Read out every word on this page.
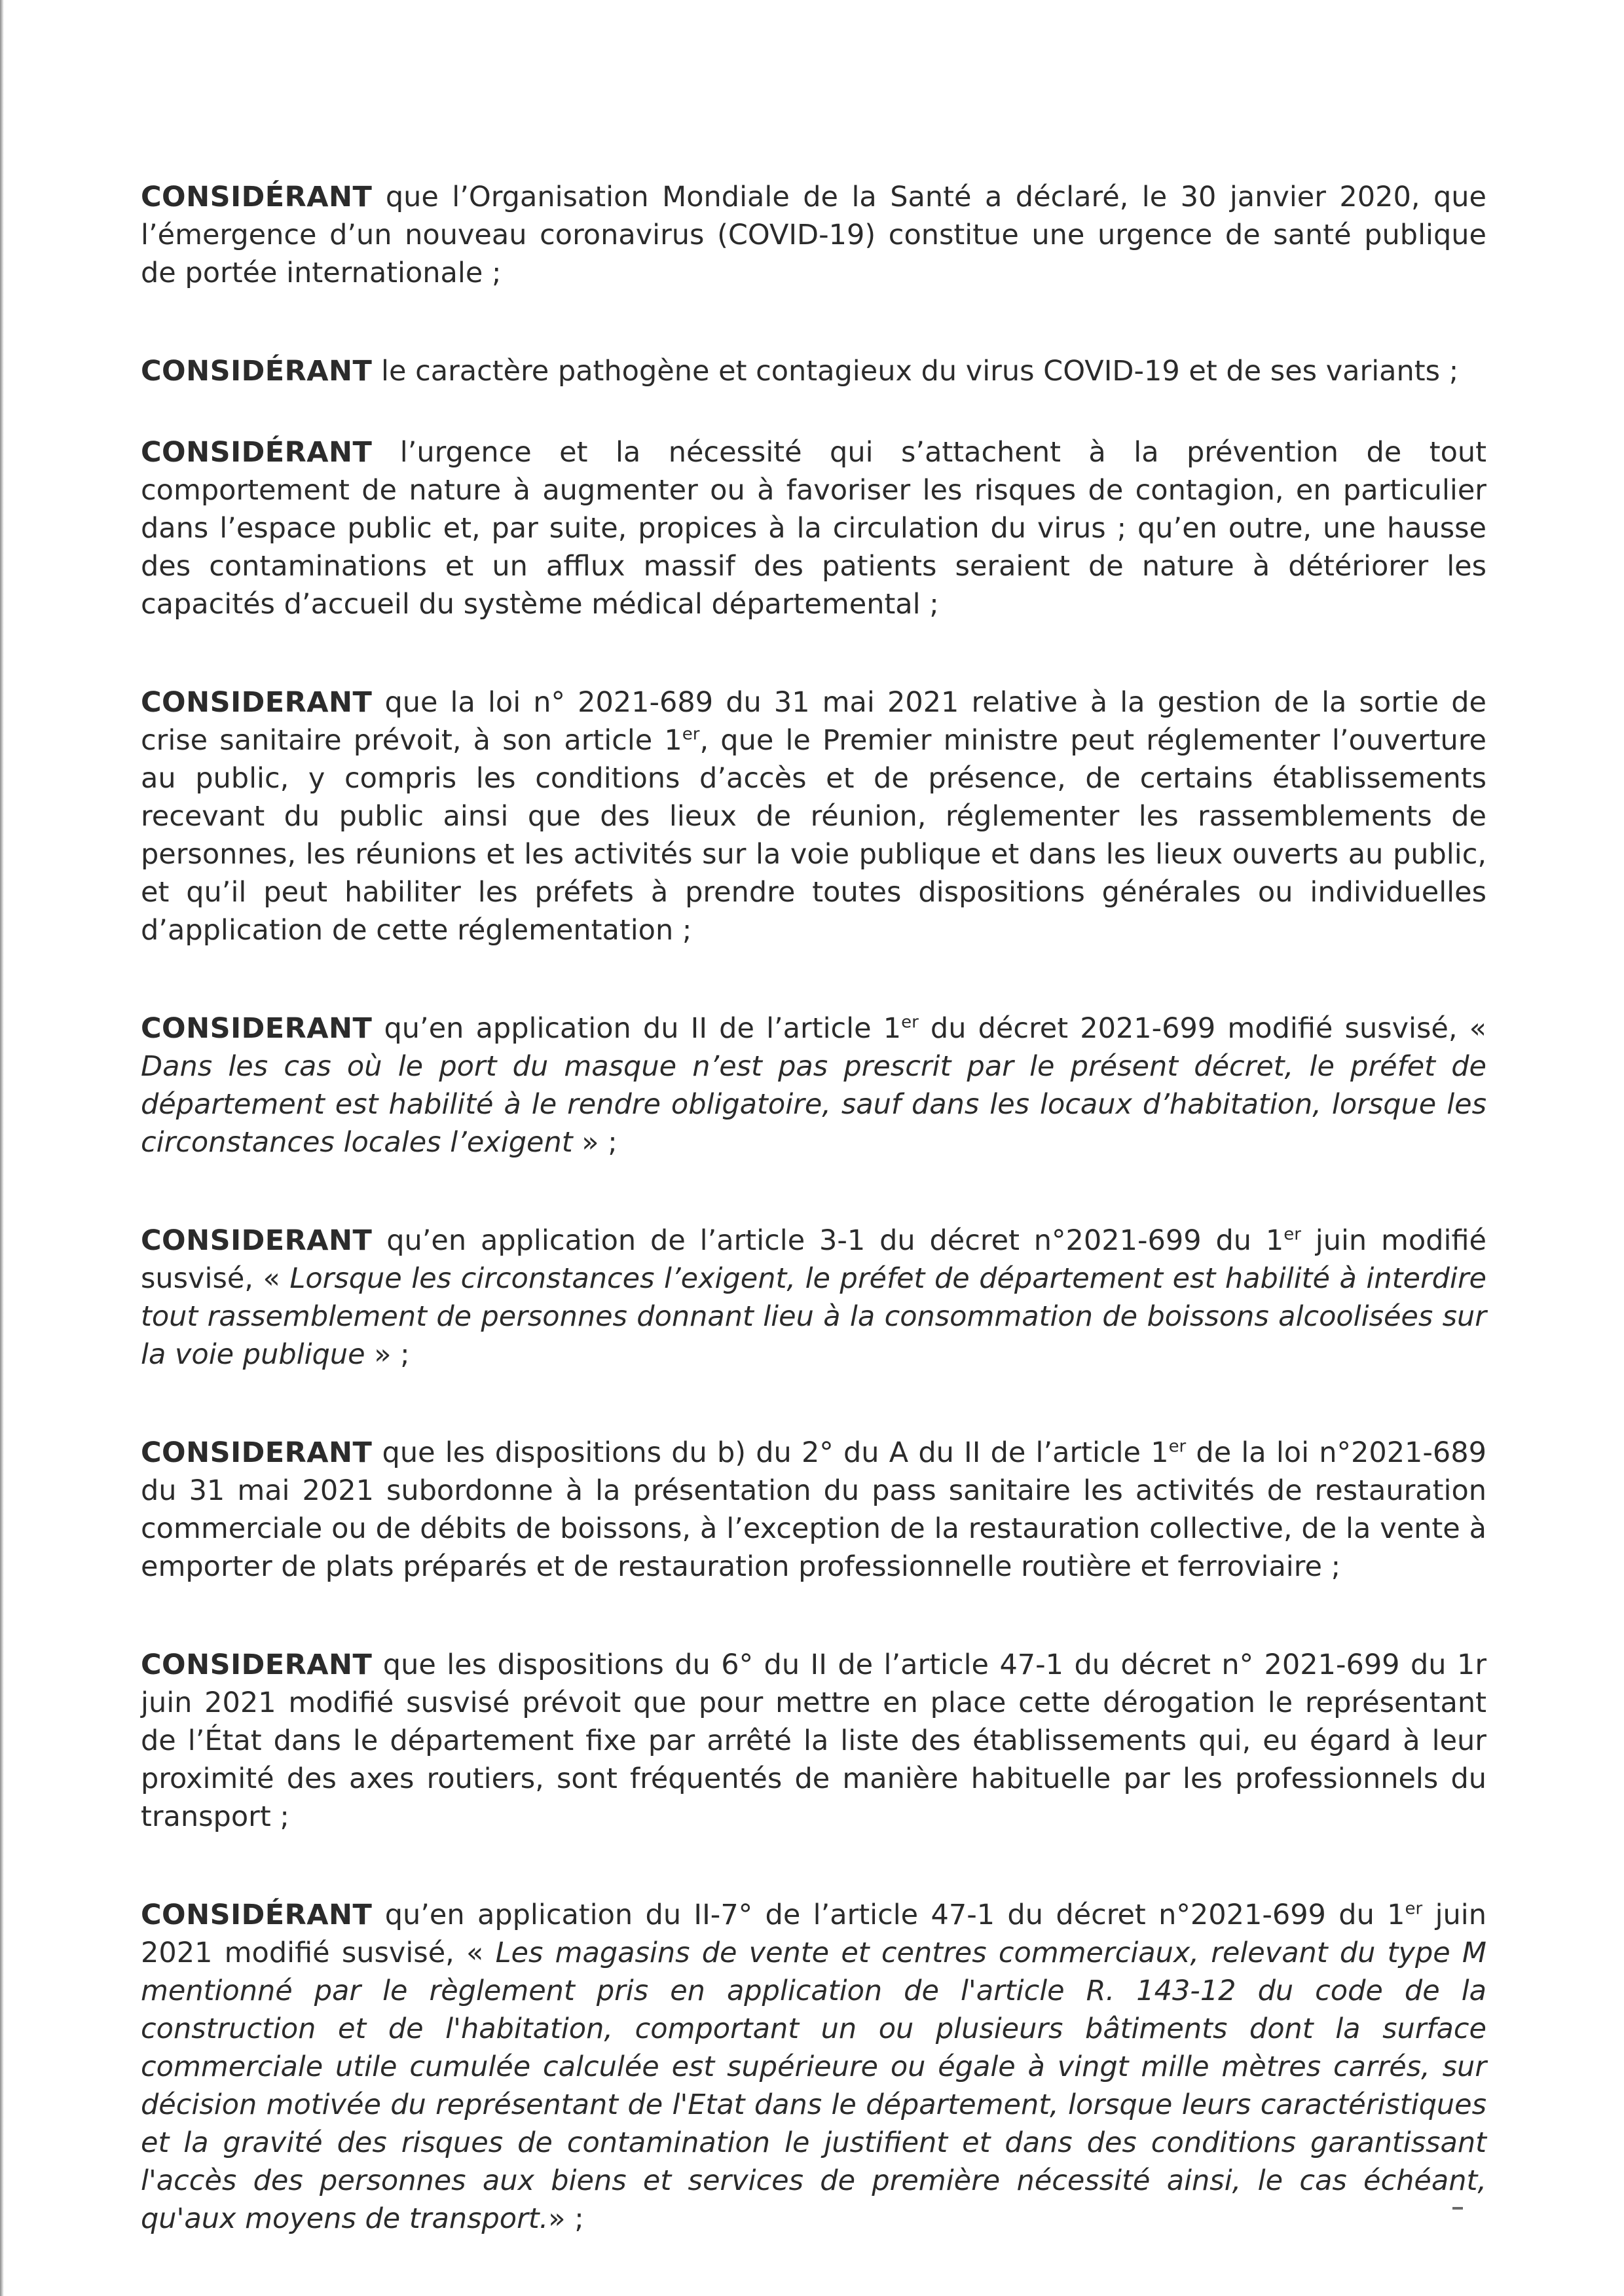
CONSIDÉRANT que l’Organisation Mondiale de la Santé a déclaré, le 30 janvier 2020, que l’émergence d’un nouveau coronavirus (COVID-19) constitue une urgence de santé publique de portée internationale ;

CONSIDÉRANT le caractère pathogène et contagieux du virus COVID-19 et de ses variants ;

CONSIDÉRANT l’urgence et la nécessité qui s’attachent à la prévention de tout comportement de nature à augmenter ou à favoriser les risques de contagion, en particulier dans l’espace public et, par suite, propices à la circulation du virus ; qu’en outre, une hausse des contaminations et un afflux massif des patients seraient de nature à détériorer les capacités d’accueil du système médical départemental ;

CONSIDERANT que la loi n° 2021-689 du 31 mai 2021 relative à la gestion de la sortie de crise sanitaire prévoit, à son article 1er, que le Premier ministre peut réglementer l’ouverture au public, y compris les conditions d’accès et de présence, de certains établissements recevant du public ainsi que des lieux de réunion, réglementer les rassemblements de personnes, les réunions et les activités sur la voie publique et dans les lieux ouverts au public, et qu’il peut habiliter les préfets à prendre toutes dispositions générales ou individuelles d’application de cette réglementation ;

CONSIDERANT qu’en application du II de l’article 1er du décret 2021-699 modifié susvisé, « Dans les cas où le port du masque n’est pas prescrit par le présent décret, le préfet de département est habilité à le rendre obligatoire, sauf dans les locaux d’habitation, lorsque les circonstances locales l’exigent » ;

CONSIDERANT qu’en application de l’article 3-1 du décret n°2021-699 du 1er juin modifié susvisé, « Lorsque les circonstances l’exigent, le préfet de département est habilité à interdire tout rassemblement de personnes donnant lieu à la consommation de boissons alcoolisées sur la voie publique » ;

CONSIDERANT que les dispositions du b) du 2° du A du II de l’article 1er de la loi n°2021-689 du 31 mai 2021 subordonne à la présentation du pass sanitaire les activités de restauration commerciale ou de débits de boissons, à l’exception de la restauration collective, de la vente à emporter de plats préparés et de restauration professionnelle routière et ferroviaire ;

CONSIDERANT que les dispositions du 6° du II de l’article 47-1 du décret n° 2021-699 du 1r juin 2021 modifié susvisé prévoit que pour mettre en place cette dérogation le représentant de l’État dans le département fixe par arrêté la liste des établissements qui, eu égard à leur proximité des axes routiers, sont fréquentés de manière habituelle par les professionnels du transport ;

CONSIDÉRANT qu’en application du II-7° de l’article 47-1 du décret n°2021-699 du 1er juin 2021 modifié susvisé, « Les magasins de vente et centres commerciaux, relevant du type M mentionné par le règlement pris en application de l'article R. 143-12 du code de la construction et de l'habitation, comportant un ou plusieurs bâtiments dont la surface commerciale utile cumulée calculée est supérieure ou égale à vingt mille mètres carrés, sur décision motivée du représentant de l'Etat dans le département, lorsque leurs caractéristiques et la gravité des risques de contamination le justifient et dans des conditions garantissant l'accès des personnes aux biens et services de première nécessité ainsi, le cas échéant, qu'aux moyens de transport.» ;
